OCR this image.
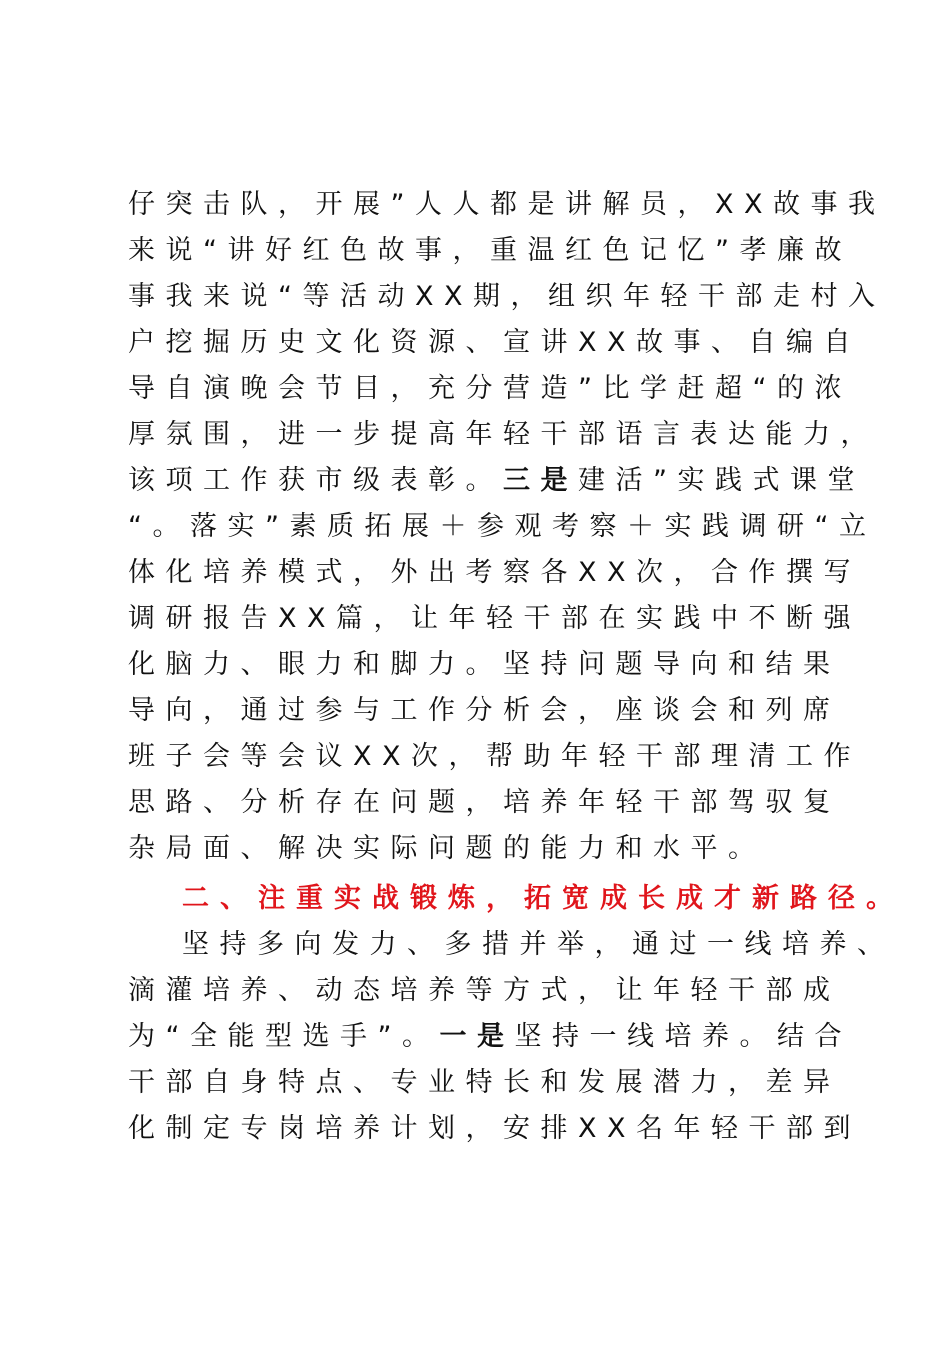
仔突击队，开展”人人都是讲解员，XX故事我
来说“讲好红色故事，重温红色记忆”孝廉故
事我来说“等活动XX期，组织年轻干部走村入
户挖掘历史文化资源、宣讲XX故事、自编自
导自演晚会节目，充分营造”比学赶超“的浓
厚氛围，进一步提高年轻干部语言表达能力，
该项工作获市级表彰。三是建活”实践式课堂
“。落实”素质拓展＋参观考察＋实践调研“立
体化培养模式，外出考察各XX次，合作撰写
调研报告XX篇，让年轻干部在实践中不断强
化脑力、眼力和脚力。坚持问题导向和结果
导向，通过参与工作分析会，座谈会和列席
班子会等会议XX次，帮助年轻干部理清工作
思路、分析存在问题，培养年轻干部驾驭复
杂局面、解决实际问题的能力和水平。
二、注重实战锻炼，拓宽成长成才新路径。
坚持多向发力、多措并举，通过一线培养、
滴灌培养、动态培养等方式，让年轻干部成
为“全能型选手”。一是坚持一线培养。结合
干部自身特点、专业特长和发展潜力，差异
化制定专岗培养计划，安排XX名年轻干部到
